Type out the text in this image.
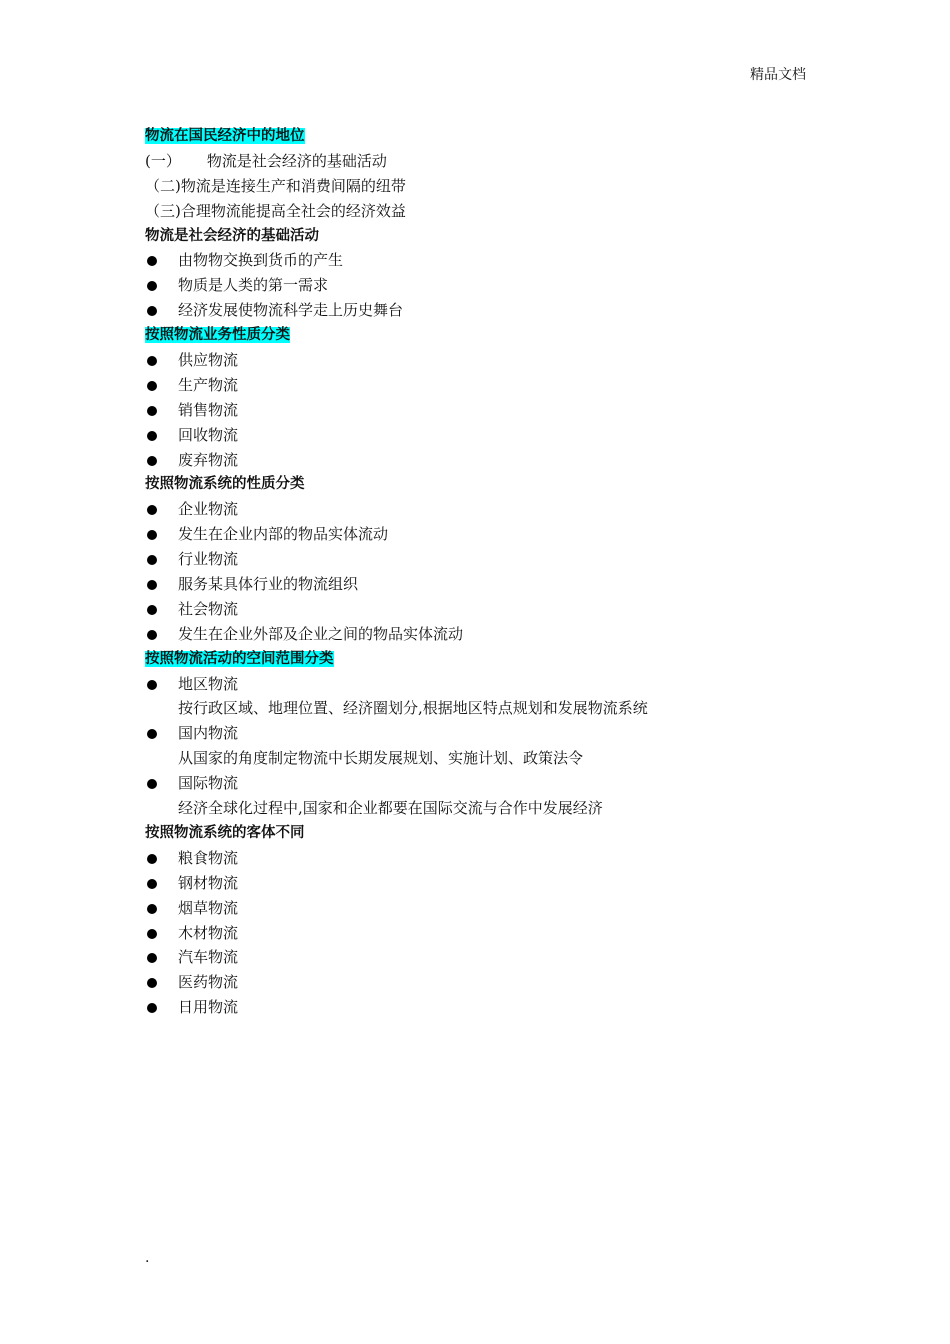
精品文档
物流在国民经济中的地位
(一） 物流是社会经济的基础活动
（二)物流是连接生产和消费间隔的纽带
（三)合理物流能提高全社会的经济效益
物流是社会经济的基础活动
由物物交换到货币的产生
物质是人类的第一需求
经济发展使物流科学走上历史舞台
按照物流业务性质分类
供应物流
生产物流
销售物流
回收物流
废弃物流
按照物流系统的性质分类
企业物流
发生在企业内部的物品实体流动
行业物流
服务某具体行业的物流组织
社会物流
发生在企业外部及企业之间的物品实体流动
按照物流活动的空间范围分类
地区物流
按行政区域、地理位置、经济圈划分,根据地区特点规划和发展物流系统
国内物流
从国家的角度制定物流中长期发展规划、实施计划、政策法令
国际物流
经济全球化过程中,国家和企业都要在国际交流与合作中发展经济
按照物流系统的客体不同
粮食物流
钢材物流
烟草物流
木材物流
汽车物流
医药物流
日用物流
.
